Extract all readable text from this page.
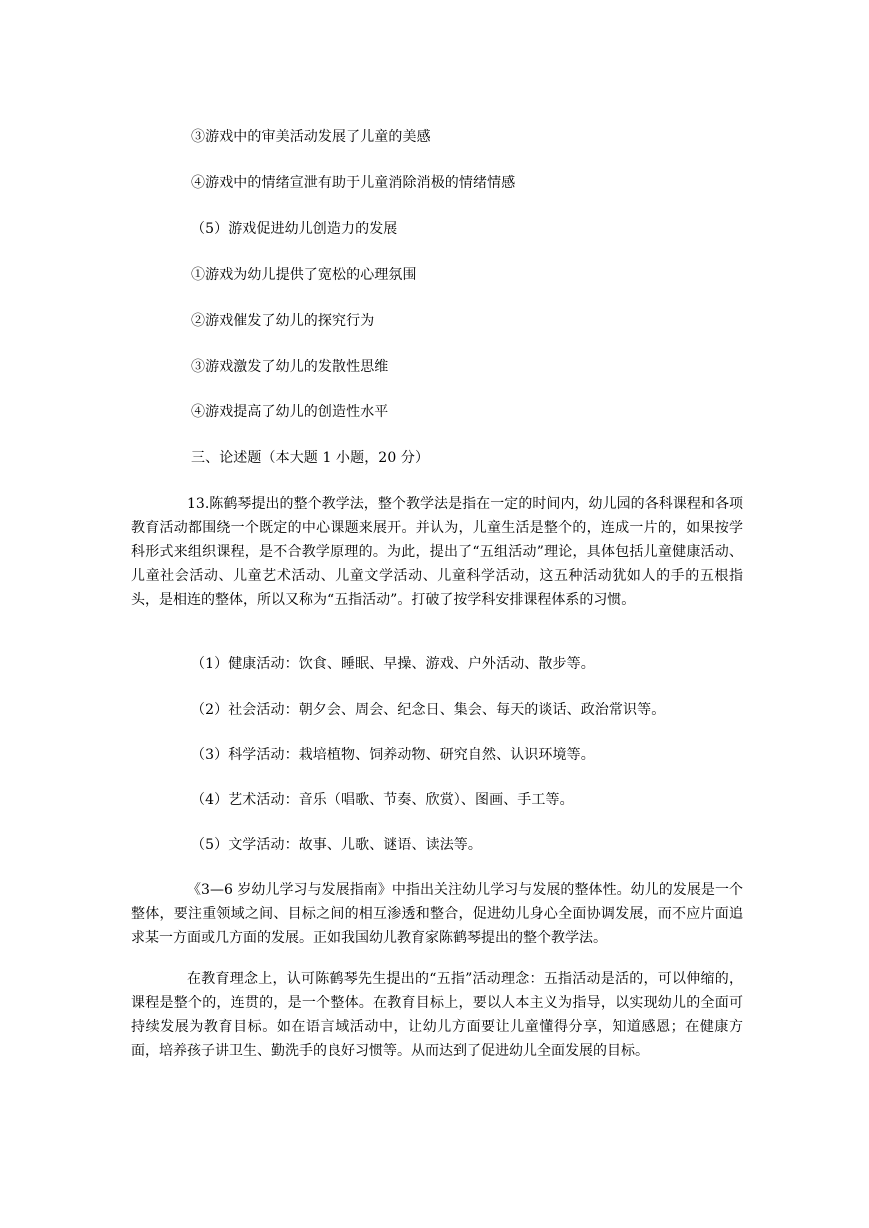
③游戏中的审美活动发展了儿童的美感
④游戏中的情绪宣泄有助于儿童消除消极的情绪情感
（5）游戏促进幼儿创造力的发展
①游戏为幼儿提供了宽松的心理氛围
②游戏催发了幼儿的探究行为
③游戏激发了幼儿的发散性思维
④游戏提高了幼儿的创造性水平
三、论述题（本大题 1 小题，20 分）
13.陈鹤琴提出的整个教学法，整个教学法是指在一定的时间内，幼儿园的各科课程和各项教育活动都围绕一个既定的中心课题来展开。并认为，儿童生活是整个的，连成一片的，如果按学科形式来组织课程，是不合教学原理的。为此，提出了“五组活动”理论，具体包括儿童健康活动、儿童社会活动、儿童艺术活动、儿童文学活动、儿童科学活动，这五种活动犹如人的手的五根指头，是相连的整体，所以又称为“五指活动”。打破了按学科安排课程体系的习惯。
（1）健康活动：饮食、睡眠、早操、游戏、户外活动、散步等。
（2）社会活动：朝夕会、周会、纪念日、集会、每天的谈话、政治常识等。
（3）科学活动：栽培植物、饲养动物、研究自然、认识环境等。
（4）艺术活动：音乐（唱歌、节奏、欣赏）、图画、手工等。
（5）文学活动：故事、儿歌、谜语、读法等。
《3—6 岁幼儿学习与发展指南》中指出关注幼儿学习与发展的整体性。幼儿的发展是一个整体，要注重领域之间、目标之间的相互渗透和整合，促进幼儿身心全面协调发展，而不应片面追求某一方面或几方面的发展。正如我国幼儿教育家陈鹤琴提出的整个教学法。
在教育理念上，认可陈鹤琴先生提出的“五指”活动理念：五指活动是活的，可以伸缩的，课程是整个的，连贯的，是一个整体。在教育目标上，要以人本主义为指导，以实现幼儿的全面可持续发展为教育目标。如在语言域活动中，让幼儿方面要让儿童懂得分享，知道感恩；在健康方面，培养孩子讲卫生、勤洗手的良好习惯等。从而达到了促进幼儿全面发展的目标。
